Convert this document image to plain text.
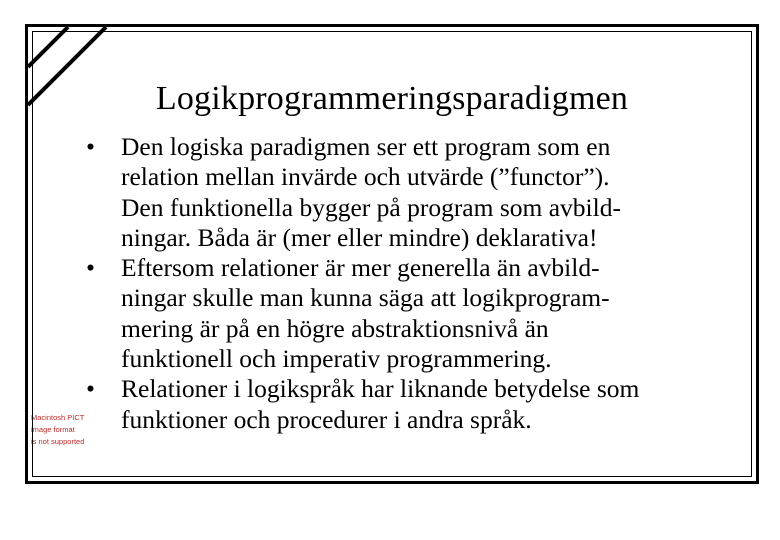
Logikprogrammeringsparadigmen
• Den logiska paradigmen ser ett program som en
relation mellan invärde och utvärde (”functor”).
Den funktionella bygger på program som avbild-
ningar. Båda är (mer eller mindre) deklarativa!
• Eftersom relationer är mer generella än avbild-
ningar skulle man kunna säga att logikprogram-
mering är på en högre abstraktionsnivå än
funktionell och imperativ programmering.
• Relationer i logikspråk har liknande betydelse som
funktioner och procedurer i andra språk.
Macintosh PICT
image format
is not supported
